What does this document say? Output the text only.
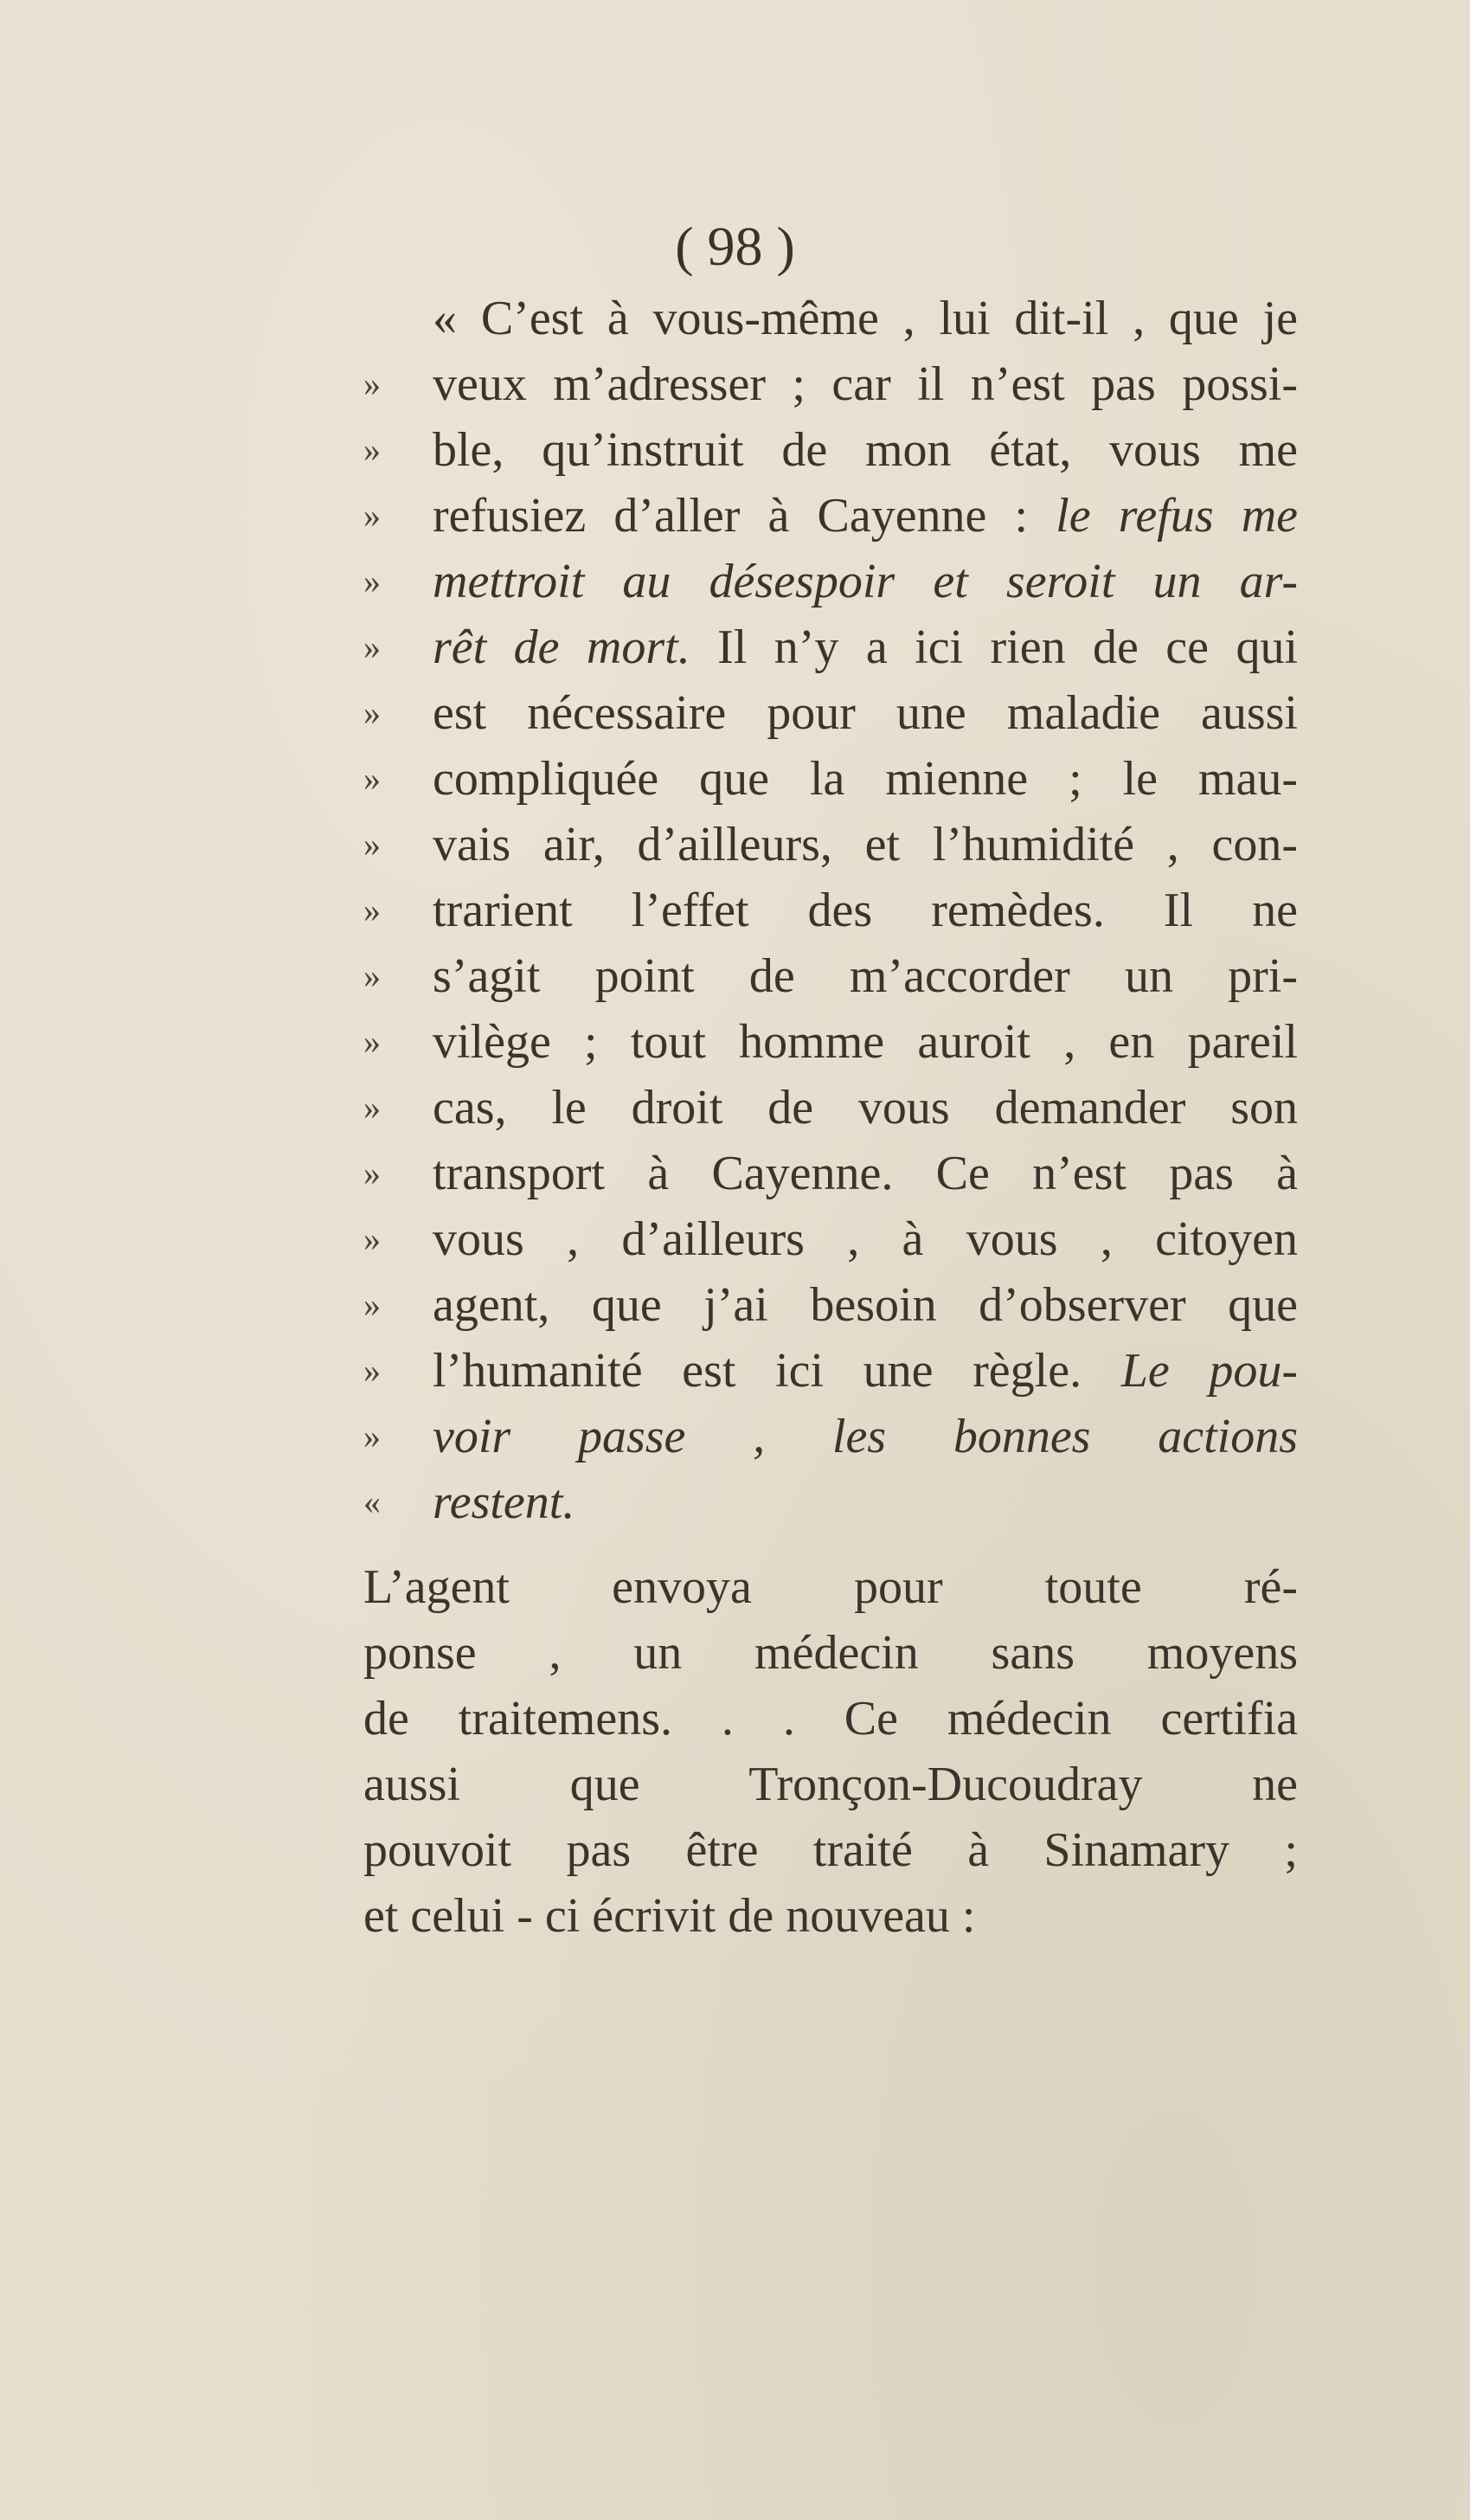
( 98 )
« C’est à vous-même , lui dit-il , que je
» veux m’adresser ; car il n’est pas possi-
» ble, qu’instruit de mon état, vous me
» refusiez d’aller à Cayenne : le refus me
» mettroit au désespoir et seroit un ar-
» rêt de mort. Il n’y a ici rien de ce qui
» est nécessaire pour une maladie aussi
» compliquée que la mienne ; le mau-
» vais air, d’ailleurs, et l’humidité , con-
» trarient l’effet des remèdes. Il ne
» s’agit point de m’accorder un pri-
» vilège ; tout homme auroit , en pareil
» cas, le droit de vous demander son
» transport à Cayenne. Ce n’est pas à
» vous , d’ailleurs , à vous , citoyen
» agent, que j’ai besoin d’observer que
» l’humanité est ici une règle. Le pou-
» voir passe , les bonnes actions
« restent.
L’agent envoya pour toute ré-
ponse , un médecin sans moyens
de traitemens. . . Ce médecin certifia
aussi que Tronçon-Ducoudray ne
pouvoit pas être traité à Sinamary ;
et celui - ci écrivit de nouveau :
